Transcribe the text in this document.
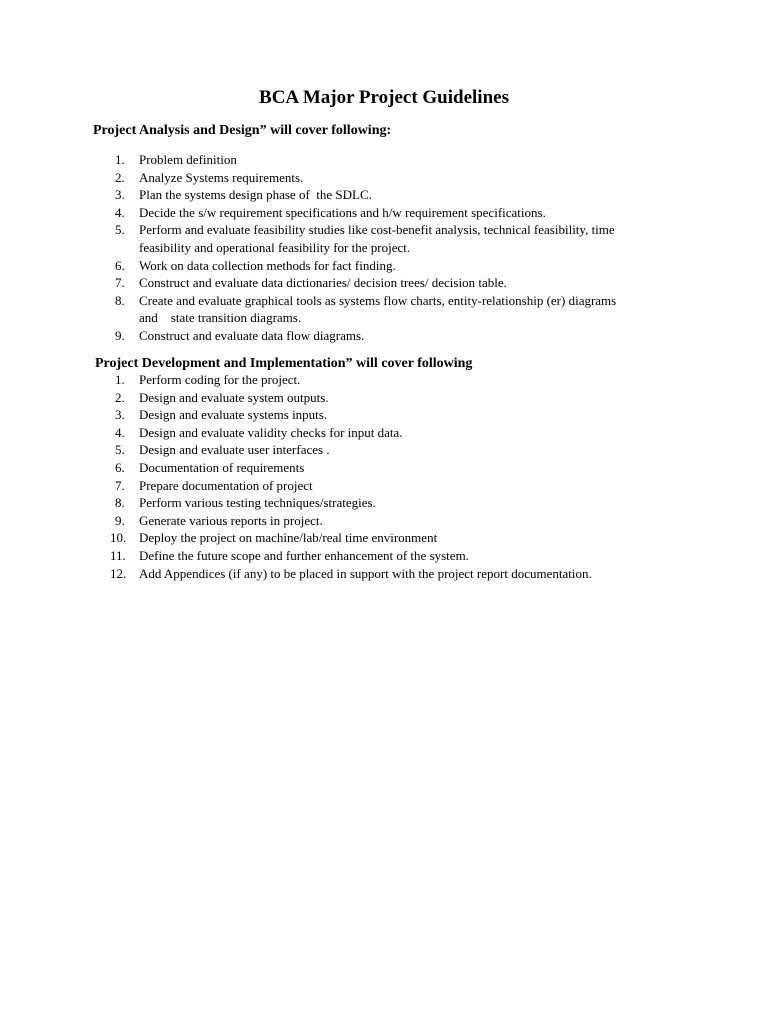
BCA Major Project Guidelines
Project Analysis and Design” will cover following:
1.	Problem definition
2.	Analyze Systems requirements.
3.	Plan the systems design phase of  the SDLC.
4.	Decide the s/w requirement specifications and h/w requirement specifications.
5.	Perform and evaluate feasibility studies like cost-benefit analysis, technical feasibility, time
feasibility and operational feasibility for the project.
6.	Work on data collection methods for fact finding.
7.	Construct and evaluate data dictionaries/ decision trees/ decision table.
8.	Create and evaluate graphical tools as systems flow charts, entity-relationship (er) diagrams
and    state transition diagrams.
9.	Construct and evaluate data flow diagrams.
Project Development and Implementation” will cover following
1.	Perform coding for the project.
2.	Design and evaluate system outputs.
3.	Design and evaluate systems inputs.
4.	Design and evaluate validity checks for input data.
5.	Design and evaluate user interfaces .
6.	Documentation of requirements
7.	Prepare documentation of project
8.	Perform various testing techniques/strategies.
9.	Generate various reports in project.
10. Deploy the project on machine/lab/real time environment
11.	Define the future scope and further enhancement of the system.
12. Add Appendices (if any) to be placed in support with the project report documentation.
